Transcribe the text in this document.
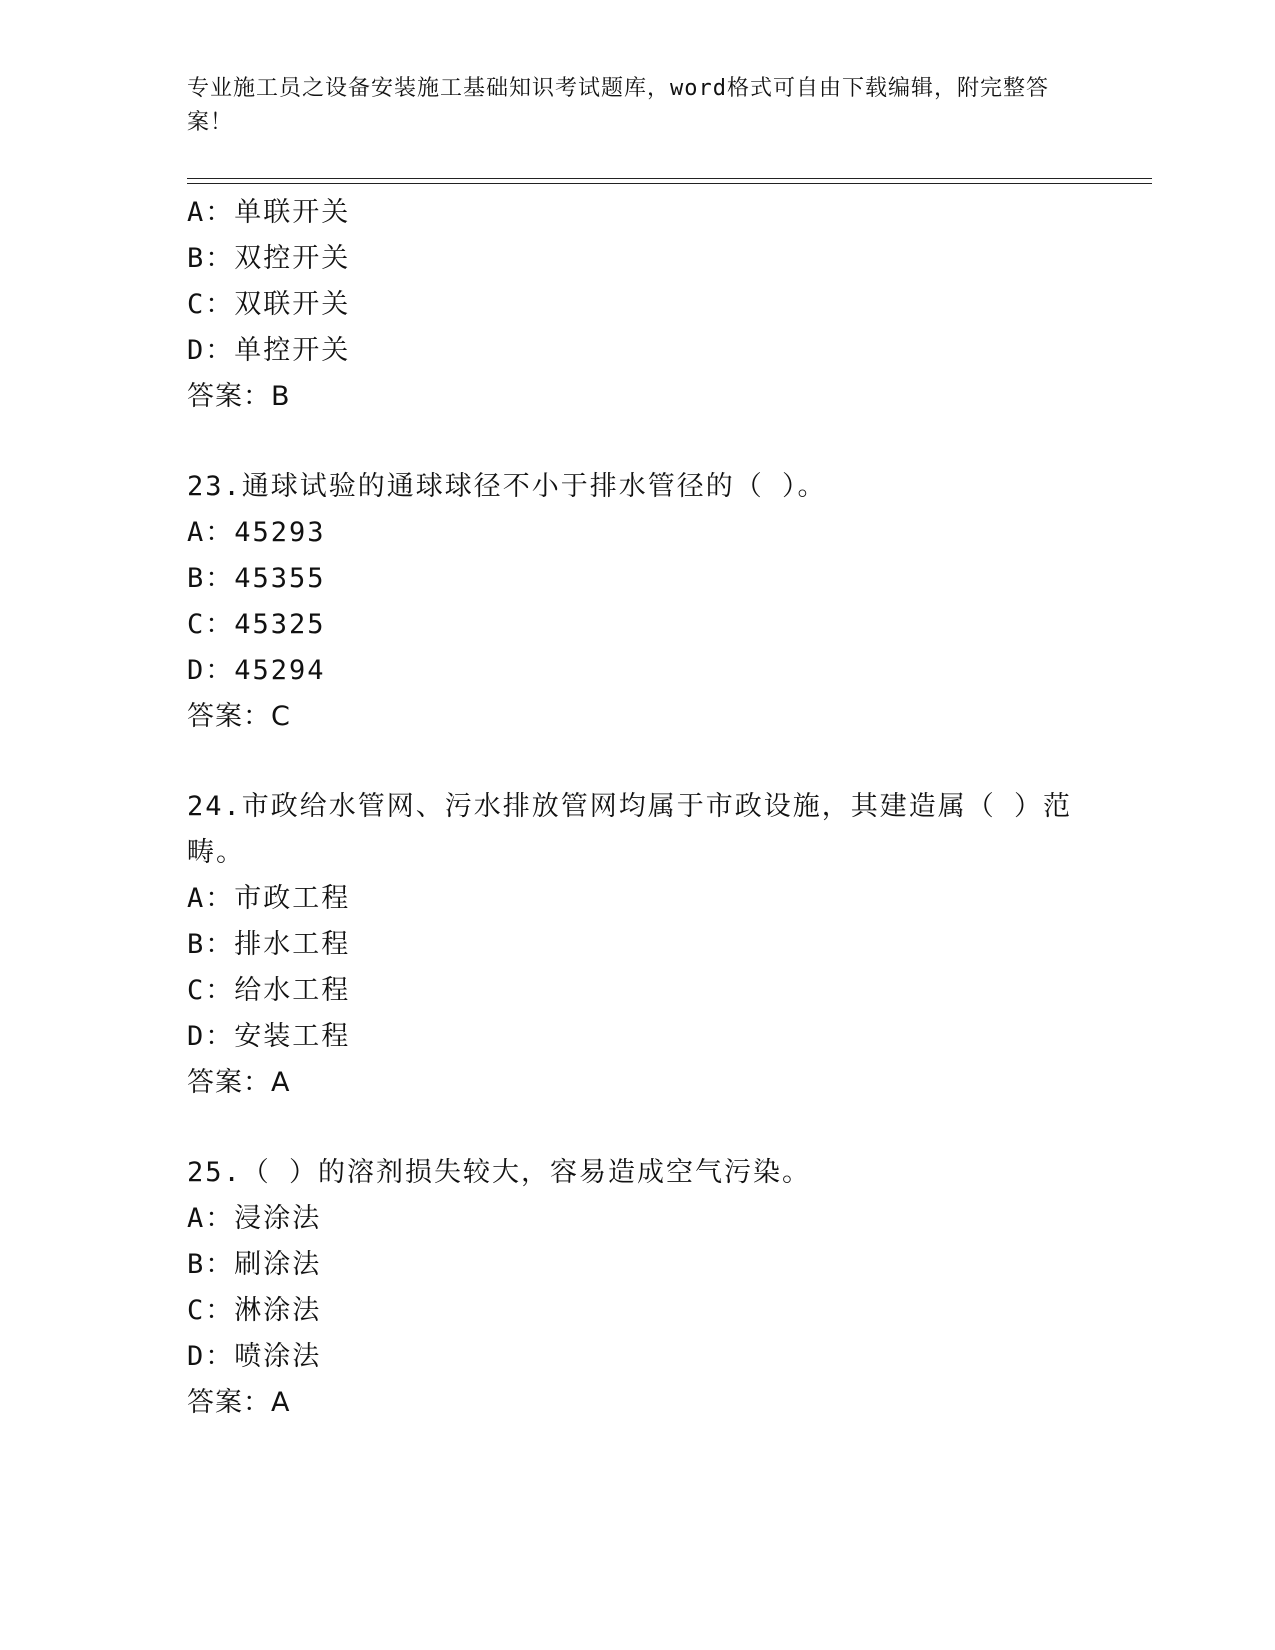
专业施工员之设备安装施工基础知识考试题库，word格式可自由下载编辑，附完整答案！
A：单联开关
B：双控开关
C：双联开关
D：单控开关
答案：B
23.通球试验的通球球径不小于排水管径的（ ）。
A：45293
B：45355
C：45325
D：45294
答案：C
24.市政给水管网、污水排放管网均属于市政设施，其建造属（ ）范畴。
A：市政工程
B：排水工程
C：给水工程
D：安装工程
答案：A
25.（ ）的溶剂损失较大，容易造成空气污染。
A：浸涂法
B：刷涂法
C：淋涂法
D：喷涂法
答案：A
